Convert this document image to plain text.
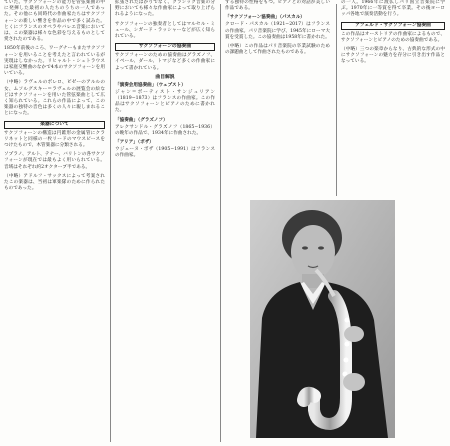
ていた。サクソフォーンの能力を管弦楽曲の中に発揮した最初の人たちのうちの一人であった。その他にも同時代の作曲家たちはサクソフォーンの新しい響きを作品の中で多く試みた。とくにフランスのオペラやバレエ音楽においては、この楽器は様々な色彩を与えるものとして愛されたのである。

1850年前後のころ、ワーグナーもまたサクソフォーンを用いることを考えたと言われているが実現はしなかった。リヒャルト・シュトラウスは家庭交響曲のなかで4本のサクソフォーンを用いている。

（中略）ラヴェルのボレロ、ビゼーのアルルの女、ムソルグスキー＝ラヴェルの展覧会の絵などはサクソフォーンを用いた管弦楽曲として広く知られている。これらの作品によって、この楽器の独特の音色は多くの人々に親しまれることになった。

楽器について

サクソフォーンの構造は円錐形の金属管にクラリネットと同様の一枚リードのマウスピースをつけたもので、木管楽器に分類される。

ソプラノ、アルト、テナー、バリトンの各サクソフォーンが現在では最もよく用いられている。音域はそれぞれ約2オクターブ半である。

（中略）アドルフ・サックスによって考案されたこの楽器は、当初は軍楽隊のために作られたものであった。

拡張されたばかりでなく、クラシック音楽の分野においても様々な作曲家によって取り上げられるようになった。

サクソフォーンの独奏者としてはマルセル・ミュール、シガード・ラッシャーなどが広く知られている。

サクソフォーンの協奏曲

サクソフォーンのための協奏曲はグラズノフ、イベール、ダール、トマジなど多くの作曲家によって書かれている。

曲目解説
「演奏会用協奏曲」（ウェブスト）

ジャン＝ボーティスト・サンジュリアン（1819−1873）はフランスの作曲家。この作品はサクソフォーンとピアノのために書かれた。

「協奏曲」（グラズノフ）

アレクサンドル・グラズノフ（1865−1936）の晩年の作品で、1934年に作曲された。

「アリア」（ボザ）

ウジェーヌ・ボザ（1905−1991）はフランスの作曲家。

する独特の性格をもつ。ピアノとの対話が美しい作品である。

「サクソフォーン協奏曲」（パスカル）

クロード・パスカル（1921−2017）はフランスの作曲家。パリ音楽院に学び、1945年にローマ大賞を受賞した。この協奏曲は1958年に書かれた。

（中略）この作品はパリ音楽院の卒業試験のための課題曲として作曲されたものである。

の一人。1966年に渡仏しパリ国立音楽院に学ぶ。1970年に一等賞を得て卒業。その後ヨーロッパ各地で演奏活動を行う。

アフェルド・サクソフォーン協奏曲

この作品はオーストリアの作曲家によるもので、サクソフォーンとピアノのための協奏曲である。

（中略）三つの楽章からなり、古典的な形式の中にサクソフォーンの魅力を存分に引き出す作品となっている。
